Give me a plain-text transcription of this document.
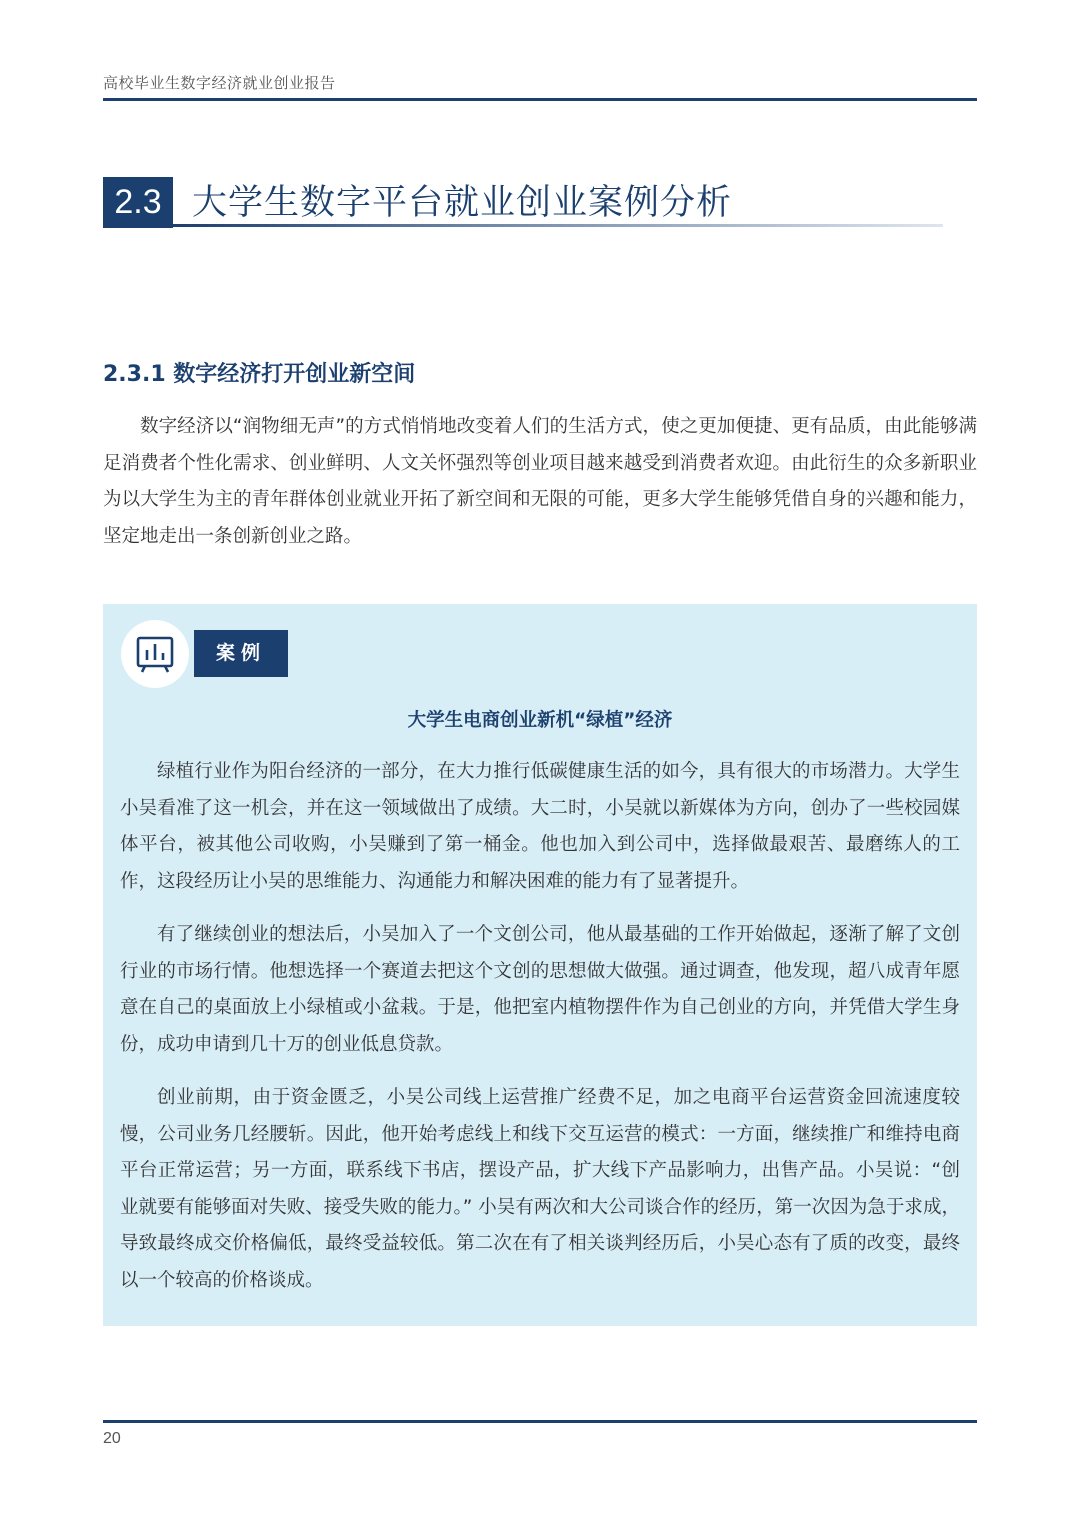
高校毕业生数字经济就业创业报告
2.3 大学生数字平台就业创业案例分析
2.3.1 数字经济打开创业新空间

数字经济以“润物细无声”的方式悄悄地改变着人们的生活方式，使之更加便捷、更有品质，由此能够满足消费者个性化需求、创业鲜明、人文关怀强烈等创业项目越来越受到消费者欢迎。由此衍生的众多新职业为以大学生为主的青年群体创业就业开拓了新空间和无限的可能，更多大学生能够凭借自身的兴趣和能力，坚定地走出一条创新创业之路。

案例
大学生电商创业新机“绿植”经济

绿植行业作为阳台经济的一部分，在大力推行低碳健康生活的如今，具有很大的市场潜力。大学生小吴看准了这一机会，并在这一领域做出了成绩。大二时，小吴就以新媒体为方向，创办了一些校园媒体平台，被其他公司收购，小吴赚到了第一桶金。他也加入到公司中，选择做最艰苦、最磨练人的工作，这段经历让小吴的思维能力、沟通能力和解决困难的能力有了显著提升。

有了继续创业的想法后，小吴加入了一个文创公司，他从最基础的工作开始做起，逐渐了解了文创行业的市场行情。他想选择一个赛道去把这个文创的思想做大做强。通过调查，他发现，超八成青年愿意在自己的桌面放上小绿植或小盆栽。于是，他把室内植物摆件作为自己创业的方向，并凭借大学生身份，成功申请到几十万的创业低息贷款。

创业前期，由于资金匮乏，小吴公司线上运营推广经费不足，加之电商平台运营资金回流速度较慢，公司业务几经腰斩。因此，他开始考虑线上和线下交互运营的模式：一方面，继续推广和维持电商平台正常运营；另一方面，联系线下书店，摆设产品，扩大线下产品影响力，出售产品。小吴说：“创业就要有能够面对失败、接受失败的能力。” 小吴有两次和大公司谈合作的经历，第一次因为急于求成，导致最终成交价格偏低，最终受益较低。第二次在有了相关谈判经历后，小吴心态有了质的改变，最终以一个较高的价格谈成。

20
